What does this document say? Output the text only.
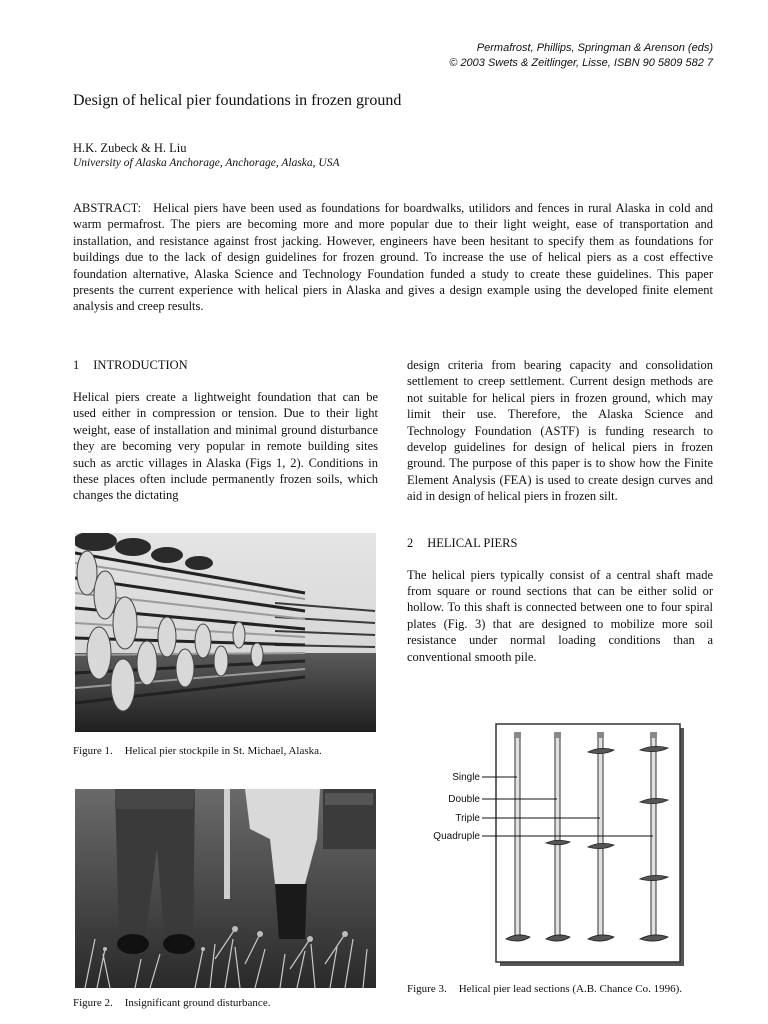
Permafrost, Phillips, Springman & Arenson (eds)
© 2003 Swets & Zeitlinger, Lisse, ISBN 90 5809 582 7
Design of helical pier foundations in frozen ground
H.K. Zubeck & H. Liu
University of Alaska Anchorage, Anchorage, Alaska, USA

ABSTRACT: Helical piers have been used as foundations for boardwalks, utilidors and fences in rural Alaska in cold and warm permafrost. The piers are becoming more and more popular due to their light weight, ease of transportation and installation, and resistance against frost jacking. However, engineers have been hesitant to specify them as foundations for buildings due to the lack of design guidelines for frozen ground. To increase the use of helical piers as a cost effective foundation alternative, Alaska Science and Technology Foundation funded a study to create these guidelines. This paper presents the current experience with helical piers in Alaska and gives a design example using the developed finite element analysis and creep results.

1 INTRODUCTION

Helical piers create a lightweight foundation that can be used either in compression or tension. Due to their light weight, ease of installation and minimal ground disturbance they are becoming very popular in remote building sites such as arctic villages in Alaska (Figs 1, 2). Conditions in these places often include permanently frozen soils, which changes the dictating

design criteria from bearing capacity and consolidation settlement to creep settlement. Current design methods are not suitable for helical piers in frozen ground, which may limit their use. Therefore, the Alaska Science and Technology Foundation (ASTF) is funding research to develop guidelines for design of helical piers in frozen ground. The purpose of this paper is to show how the Finite Element Analysis (FEA) is used to create design curves and aid in design of helical piers in frozen silt.

2 HELICAL PIERS

The helical piers typically consist of a central shaft made from square or round sections that can be either solid or hollow. To this shaft is connected between one to four spiral plates (Fig. 3) that are designed to mobilize more soil resistance under normal loading conditions than a conventional smooth pile.

Figure 1. Helical pier stockpile in St. Michael, Alaska.
Figure 2. Insignificant ground disturbance.
Single
Double
Triple
Quadruple
Figure 3. Helical pier lead sections (A.B. Chance Co. 1996).
